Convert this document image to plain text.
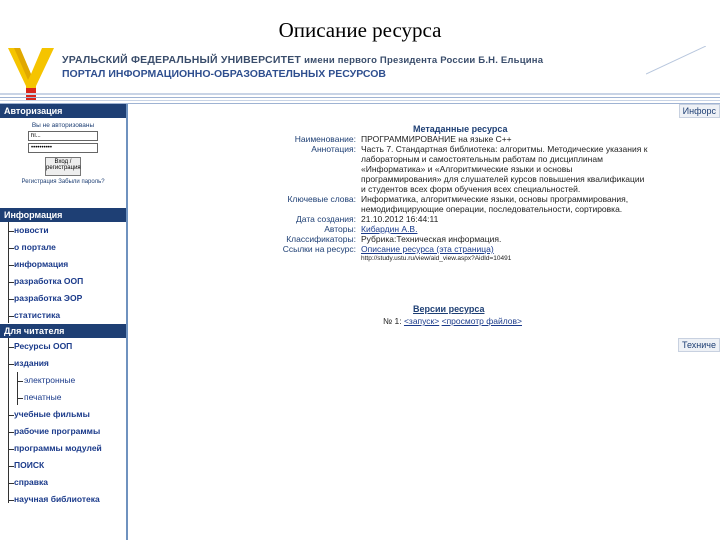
Описание ресурса
УРАЛЬСКИЙ ФЕДЕРАЛЬНЫЙ УНИВЕРСИТЕТ имени первого Президента России Б.Н. Ельцина
ПОРТАЛ ИНФОРМАЦИОННО-ОБРАЗОВАТЕЛЬНЫХ РЕСУРСОВ
Авторизация
Вы не авторизованы
hl...
••••••••••
Вход / регистрация
Регистрация Забыли пароль?
Информация
новости
о портале
информация
разработка ООП
разработка ЭОР
статистика
Для читателя
Ресурсы ООП
издания
электронные
печатные
учебные фильмы
рабочие программы
программы модулей
ПОИСК
справка
научная библиотека
Метаданные ресурса
Наименование: ПРОГРАММИРОВАНИЕ на языке С++
Аннотация: Часть 7. Стандартная библиотека: алгоритмы. Методические указания к лабораторным и самостоятельным работам по дисциплинам «Информатика» и «Алгоритмические языки и основы программирования» для слушателей курсов повышения квалификации и студентов всех форм обучения всех специальностей.
Ключевые слова: Информатика, алгоритмические языки, основы программирования, немодифицирующие операции, последовательности, сортировка.
Дата создания: 21.10.2012 16:44:11
Авторы: Кибардин А.В.
Классификаторы: Рубрика:Техническая информация.
Ссылки на ресурс: Описание ресурса (эта страница)
http://study.ustu.ru/view/aid_view.aspx?AidId=10491
Версии ресурса
№ 1: <запуск> <просмотр файлов>
Инфорс
Техниче
